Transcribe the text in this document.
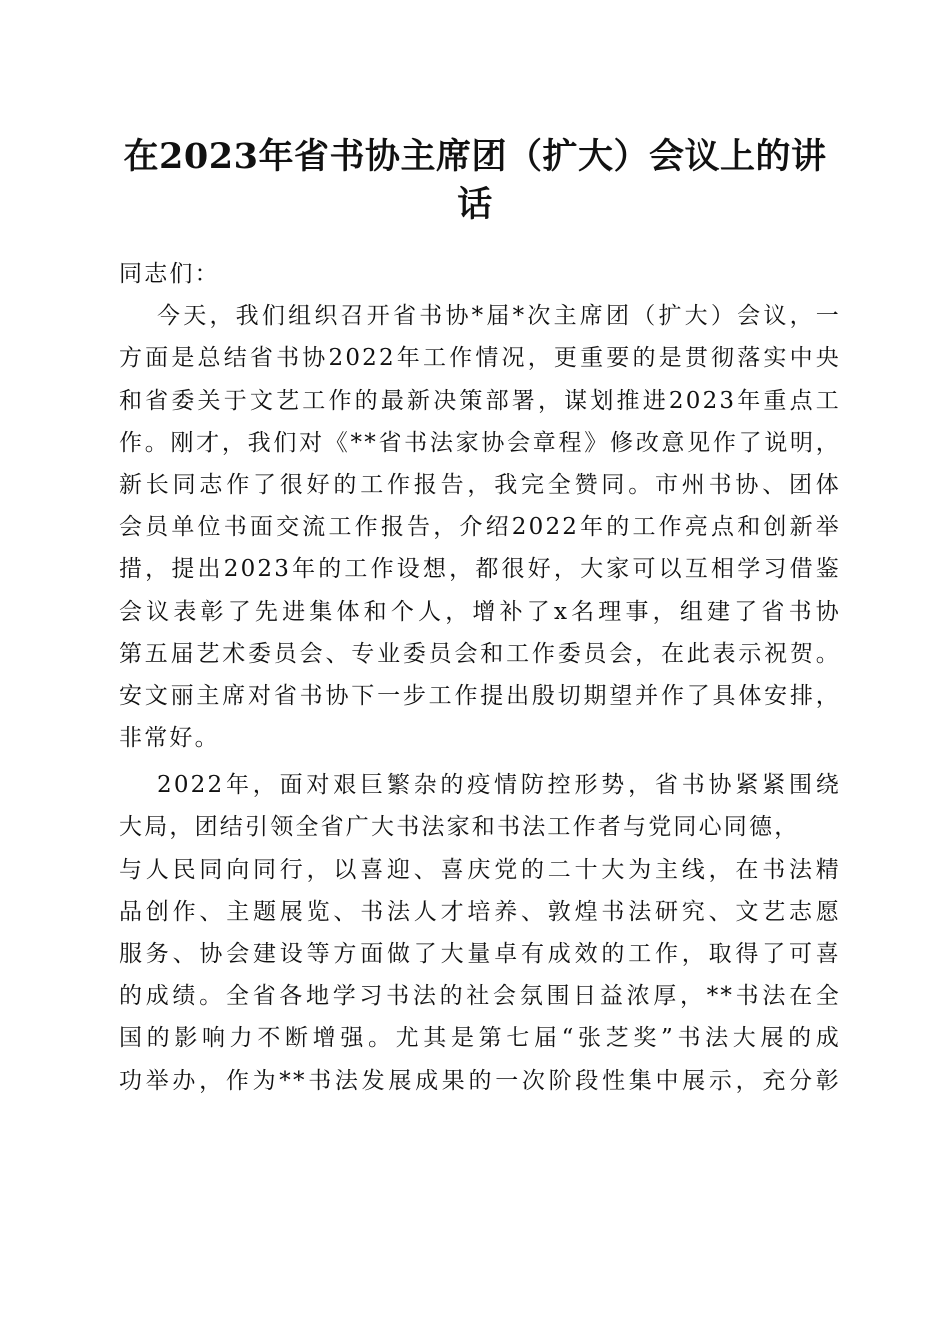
在2023年省书协主席团（扩大）会议上的讲
话
同志们：
今天，我们组织召开省书协*届*次主席团（扩大）会议，一
方面是总结省书协2022年工作情况，更重要的是贯彻落实中央
和省委关于文艺工作的最新决策部署，谋划推进2023年重点工
作。刚才，我们对《**省书法家协会章程》修改意见作了说明，
新长同志作了很好的工作报告，我完全赞同。市州书协、团体
会员单位书面交流工作报告，介绍2022年的工作亮点和创新举
措，提出2023年的工作设想，都很好，大家可以互相学习借鉴
会议表彰了先进集体和个人，增补了x名理事，组建了省书协
第五届艺术委员会、专业委员会和工作委员会，在此表示祝贺。
安文丽主席对省书协下一步工作提出殷切期望并作了具体安排，
非常好。
2022年，面对艰巨繁杂的疫情防控形势，省书协紧紧围绕
大局，团结引领全省广大书法家和书法工作者与党同心同德，
与人民同向同行，以喜迎、喜庆党的二十大为主线，在书法精
品创作、主题展览、书法人才培养、敦煌书法研究、文艺志愿
服务、协会建设等方面做了大量卓有成效的工作，取得了可喜
的成绩。全省各地学习书法的社会氛围日益浓厚，**书法在全
国的影响力不断增强。尤其是第七届“张芝奖”书法大展的成
功举办，作为**书法发展成果的一次阶段性集中展示，充分彰
